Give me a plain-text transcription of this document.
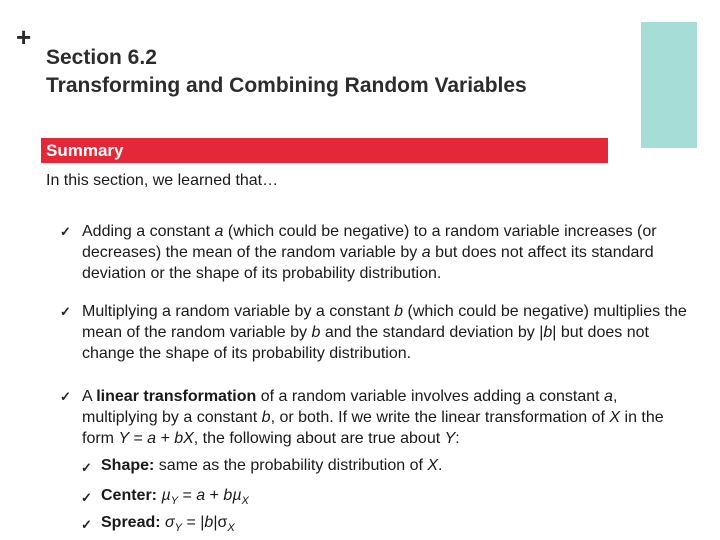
+
Section 6.2
Transforming and Combining Random Variables
Summary
In this section, we learned that…
✓ Adding a constant a (which could be negative) to a random variable increases (or decreases) the mean of the random variable by a but does not affect its standard deviation or the shape of its probability distribution.
✓ Multiplying a random variable by a constant b (which could be negative) multiplies the mean of the random variable by b and the standard deviation by |b| but does not change the shape of its probability distribution.
✓ A linear transformation of a random variable involves adding a constant a, multiplying by a constant b, or both. If we write the linear transformation of X in the form Y = a + bX, the following about are true about Y:
✓ Shape: same as the probability distribution of X.
✓ Center: µ$_Y$ = a + bµ$_X$
✓ Spread: $\sigma_Y = |b|\sigma_X$
